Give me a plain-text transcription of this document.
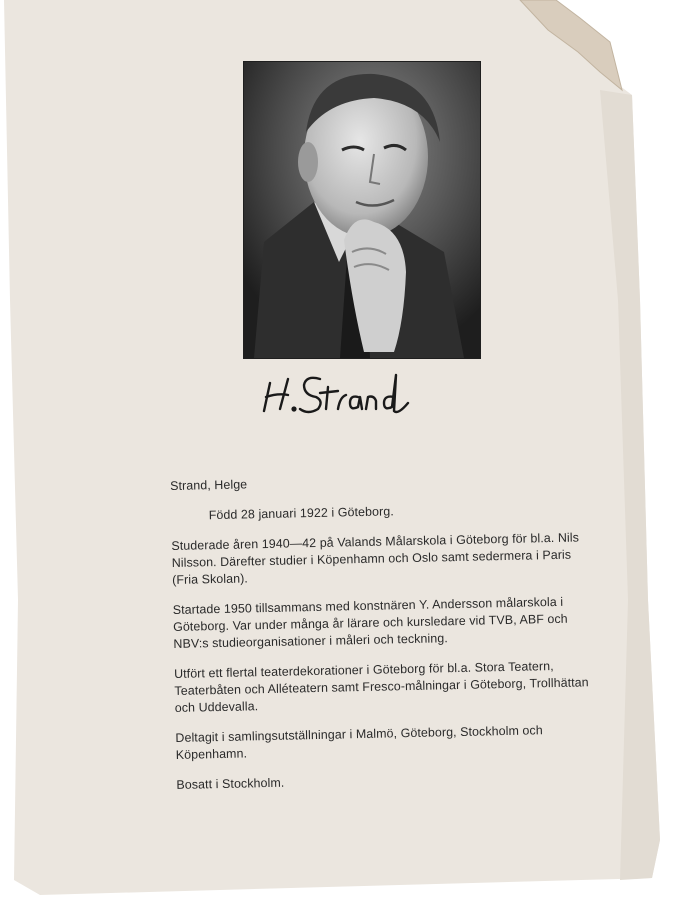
Strand, Helge

Född 28 januari 1922 i Göteborg.

Studerade åren 1940—42 på Valands Målarskola i Göteborg för bl.a. Nils Nilsson. Därefter studier i Köpenhamn och Oslo samt sedermera i Paris (Fria Skolan).

Startade 1950 tillsammans med konstnären Y. Andersson målarskola i Göteborg. Var under många år lärare och kursledare vid TVB, ABF och NBV:s studieorganisationer i måleri och teckning.

Utfört ett flertal teaterdekorationer i Göteborg för bl.a. Stora Teatern, Teaterbåten och Alléteatern samt Fresco-målningar i Göteborg, Trollhättan och Uddevalla.

Deltagit i samlingsutställningar i Malmö, Göteborg, Stockholm och Köpenhamn.

Bosatt i Stockholm.
